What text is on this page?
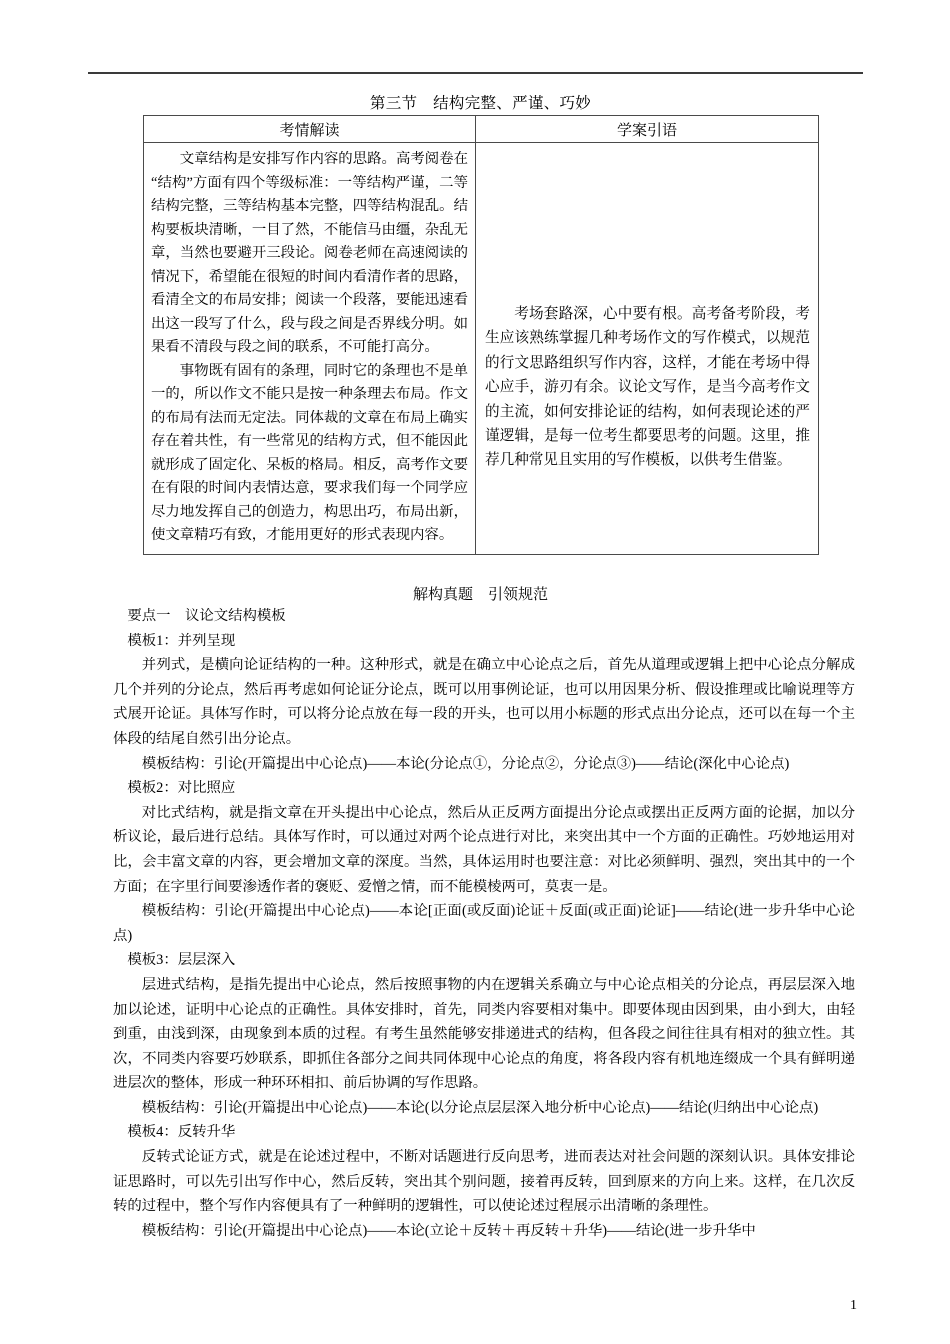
第三节　结构完整、严谨、巧妙
考情解读	学案引语

文章结构是安排写作内容的思路。高考阅卷在“结构”方面有四个等级标准：一等结构严谨，二等结构完整，三等结构基本完整，四等结构混乱。结构要板块清晰，一目了然，不能信马由缰，杂乱无章，当然也要避开三段论。阅卷老师在高速阅读的情况下，希望能在很短的时间内看清作者的思路，看清全文的布局安排；阅读一个段落，要能迅速看出这一段写了什么，段与段之间是否界线分明。如果看不清段与段之间的联系，不可能打高分。

事物既有固有的条理，同时它的条理也不是单一的，所以作文不能只是按一种条理去布局。作文的布局有法而无定法。同体裁的文章在布局上确实存在着共性，有一些常见的结构方式，但不能因此就形成了固定化、呆板的格局。相反，高考作文要在有限的时间内表情达意，要求我们每一个同学应尽力地发挥自己的创造力，构思出巧，布局出新，使文章精巧有致，才能用更好的形式表现内容。	考场套路深，心中要有根。高考备考阶段，考生应该熟练掌握几种考场作文的写作模式，以规范的行文思路组织写作内容，这样，才能在考场中得心应手，游刃有余。议论文写作，是当今高考作文的主流，如何安排论证的结构，如何表现论述的严谨逻辑，是每一位考生都要思考的问题。这里，推荐几种常见且实用的写作模板，以供考生借鉴。

解构真题　引领规范

要点一　议论文结构模板

模板1：并列呈现

并列式，是横向论证结构的一种。这种形式，就是在确立中心论点之后，首先从道理或逻辑上把中心论点分解成几个并列的分论点，然后再考虑如何论证分论点，既可以用事例论证，也可以用因果分析、假设推理或比喻说理等方式展开论证。具体写作时，可以将分论点放在每一段的开头，也可以用小标题的形式点出分论点，还可以在每一个主体段的结尾自然引出分论点。

模板结构：引论(开篇提出中心论点)——本论(分论点①，分论点②，分论点③)——结论(深化中心论点)

模板2：对比照应

对比式结构，就是指文章在开头提出中心论点，然后从正反两方面提出分论点或摆出正反两方面的论据，加以分析议论，最后进行总结。具体写作时，可以通过对两个论点进行对比，来突出其中一个方面的正确性。巧妙地运用对比，会丰富文章的内容，更会增加文章的深度。当然，具体运用时也要注意：对比必须鲜明、强烈，突出其中的一个方面；在字里行间要渗透作者的褒贬、爱憎之情，而不能模棱两可，莫衷一是。

模板结构：引论(开篇提出中心论点)——本论[正面(或反面)论证＋反面(或正面)论证]——结论(进一步升华中心论点)

模板3：层层深入

层进式结构，是指先提出中心论点，然后按照事物的内在逻辑关系确立与中心论点相关的分论点，再层层深入地加以论述，证明中心论点的正确性。具体安排时，首先，同类内容要相对集中。即要体现由因到果，由小到大，由轻到重，由浅到深，由现象到本质的过程。有考生虽然能够安排递进式的结构，但各段之间往往具有相对的独立性。其次，不同类内容要巧妙联系，即抓住各部分之间共同体现中心论点的角度，将各段内容有机地连缀成一个具有鲜明递进层次的整体，形成一种环环相扣、前后协调的写作思路。

模板结构：引论(开篇提出中心论点)——本论(以分论点层层深入地分析中心论点)——结论(归纳出中心论点)

模板4：反转升华

反转式论证方式，就是在论述过程中，不断对话题进行反向思考，进而表达对社会问题的深刻认识。具体安排论证思路时，可以先引出写作中心，然后反转，突出其个别问题，接着再反转，回到原来的方向上来。这样，在几次反转的过程中，整个写作内容便具有了一种鲜明的逻辑性，可以使论述过程展示出清晰的条理性。

模板结构：引论(开篇提出中心论点)——本论(立论＋反转＋再反转＋升华)——结论(进一步升华中

1
